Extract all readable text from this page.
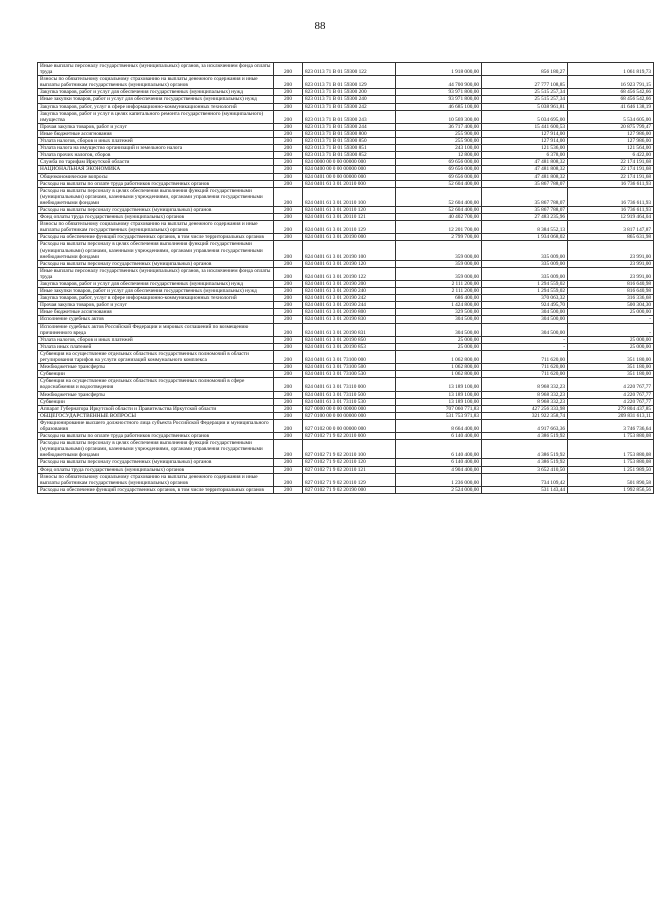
88
Иные выплаты персоналу государственных (муниципальных) органов, за исключением фонда оплаты труда	200	823 0113 71 В 01 59300 122	1 918 000,00	856 180,27	1 061 819,73
Взносы по обязательному социальному страхованию на выплаты денежного содержания и иные выплаты работникам государственных (муниципальных) органов	200	823 0113 71 В 01 59300 129	44 700 900,00	27 777 108,85	16 923 791,15
Закупка товаров, работ и услуг для обеспечения государственных (муниципальных) нужд	200	823 0113 71 В 01 59300 200	93 971 800,00	25 515 257,34	68 456 542,66
Иные закупки товаров, работ и услуг для обеспечения государственных (муниципальных) нужд	200	823 0113 71 В 01 59300 240	93 971 800,00	25 515 257,34	68 456 542,66
Закупка товаров, работ, услуг в сфере информационно-коммуникационных технологий	200	823 0113 71 В 01 59300 242	46 685 100,00	5 038 961,81	41 646 138,19
Закупка товаров, работ и услуг в целях капитального ремонта государственного (муниципального) имущества	200	823 0113 71 В 01 59300 243	10 569 300,00	5 034 695,00	5 534 605,00
Прочая закупка товаров, работ и услуг	200	823 0113 71 В 01 59300 244	36 717 400,00	15 441 600,53	20 875 799,47
Иные бюджетные ассигнования	200	823 0113 71 В 01 59300 800	255 900,00	127 914,00	127 986,00
Уплата налогов, сборов и иных платежей	200	823 0113 71 В 01 59300 850	255 900,00	127 914,00	127 986,00
Уплата налога на имущество организаций и земельного налога	200	823 0113 71 В 01 59300 851	243 100,00	121 536,00	121 564,00
Уплата прочих налогов, сборов	200	823 0113 71 В 01 59300 852	12 800,00	6 378,00	6 422,00
Служба по тарифам Иркутской области	200	824 0000 00 0 00 00000 000	69 656 000,00	47 481 808,32	22 174 191,68
НАЦИОНАЛЬНАЯ ЭКОНОМИКА	200	824 0400 00 0 00 00000 000	69 656 000,00	47 481 808,32	22 174 191,68
Общеэкономические вопросы	200	824 0401 00 0 00 00000 000	69 656 000,00	47 481 808,32	22 174 191,68
Расходы на выплаты по оплате труда работников государственных органов	200	824 0401 61 3 01 20110 000	52 604 400,00	35 867 788,07	16 736 611,93
Расходы на выплаты персоналу в целях обеспечения выполнения функций государственными (муниципальными) органами, казенными учреждениями, органами управления государственными внебюджетными фондами	200	824 0401 61 3 01 20110 100	52 604 400,00	35 867 788,07	16 736 611,93
Расходы на выплаты персоналу государственных (муниципальных) органов	200	824 0401 61 3 01 20110 120	52 604 400,00	35 867 788,07	16 736 611,93
Фонд оплаты труда государственных (муниципальных) органов	200	824 0401 61 3 01 20110 121	40 402 700,00	27 483 235,96	12 919 464,04
Взносы по обязательному социальному страхованию на выплаты денежного содержания и иные выплаты работникам государственных (муниципальных) органов	200	824 0401 61 3 01 20110 129	12 201 700,00	8 384 552,13	3 817 147,87
Расходы на обеспечение функций государственных органов, в том числе территориальных органов	200	824 0401 61 3 01 20190 000	2 799 700,00	1 934 068,02	865 631,98
Расходы на выплаты персоналу в целях обеспечения выполнения функций государственными (муниципальными) органами, казенными учреждениями, органами управления государственными внебюджетными фондами	200	824 0401 61 3 01 20190 100	359 000,00	335 009,00	23 991,00
Расходы на выплаты персоналу государственных (муниципальных) органов	200	824 0401 61 3 01 20190 120	359 000,00	335 009,00	23 991,00
Иные выплаты персоналу государственных (муниципальных) органов, за исключением фонда оплаты труда	200	824 0401 61 3 01 20190 122	359 000,00	335 009,00	23 991,00
Закупка товаров, работ и услуг для обеспечения государственных (муниципальных) нужд	200	824 0401 61 3 01 20190 200	2 111 200,00	1 294 559,02	816 640,98
Иные закупки товаров, работ и услуг для обеспечения государственных (муниципальных) нужд	200	824 0401 61 3 01 20190 240	2 111 200,00	1 294 559,02	816 640,98
Закупка товаров, работ, услуг в сфере информационно-коммуникационных технологий	200	824 0401 61 3 01 20190 242	686 400,00	370 063,32	316 336,68
Прочая закупка товаров, работ и услуг	200	824 0401 61 3 01 20190 244	1 424 800,00	924 495,70	500 304,30
Иные бюджетные ассигнования	200	824 0401 61 3 01 20190 800	329 500,00	304 500,00	25 000,00
Исполнение судебных актов	200	824 0401 61 3 01 20190 830	304 500,00	304 500,00	-
Исполнение судебных актов Российской Федерации и мировых соглашений по возмещению причиненного вреда	200	824 0401 61 3 01 20190 831	304 500,00	304 500,00	-
Уплата налогов, сборов и иных платежей	200	824 0401 61 3 01 20190 850	25 000,00	-	25 000,00
Уплата иных платежей	200	824 0401 61 3 01 20190 853	25 000,00	-	25 000,00
Субвенция на осуществление отдельных областных государственных полномочий в области регулирования тарифов на услуги организаций коммунального комплекса	200	824 0401 61 3 01 73100 000	1 062 800,00	711 620,00	351 180,00
Межбюджетные трансферты	200	824 0401 61 3 01 73100 500	1 062 800,00	711 620,00	351 180,00
Субвенции	200	824 0401 61 3 01 73100 530	1 062 800,00	711 620,00	351 180,00
Субвенция на осуществление отдельных областных государственных полномочий в сфере водоснабжения и водоотведения	200	824 0401 61 3 01 73110 000	13 189 100,00	8 968 332,23	4 220 767,77
Межбюджетные трансферты	200	824 0401 61 3 01 73110 500	13 189 100,00	8 968 332,23	4 220 767,77
Субвенции	200	824 0401 61 3 01 73110 530	13 189 100,00	8 968 332,23	4 220 767,77
Аппарат Губернатора Иркутской области и Правительства Иркутской области	200	827 0000 00 0 00 00000 000	707 060 771,83	427 256 333,98	279 804 437,85
ОБЩЕГОСУДАРСТВЕННЫЕ ВОПРОСЫ	200	827 0100 00 0 00 00000 000	531 753 971,83	321 922 358,74	209 831 613,11
Функционирование высшего должностного лица субъекта Российской Федерации и муниципального образования	200	827 0102 00 0 00 00000 000	8 664 400,00	4 917 663,36	3 746 736,64
Расходы на выплаты по оплате труда работников государственных органов	200	827 0102 71 9 02 20110 000	6 140 400,00	4 386 519,92	1 753 880,08
Расходы на выплаты персоналу в целях обеспечения выполнения функций государственными (муниципальными) органами, казенными учреждениями, органами управления государственными внебюджетными фондами	200	827 0102 71 9 02 20110 100	6 140 400,00	4 386 519,92	1 753 880,08
Расходы на выплаты персоналу государственных (муниципальных) органов	200	827 0102 71 9 02 20110 120	6 140 400,00	4 386 519,92	1 753 880,08
Фонд оплаты труда государственных (муниципальных) органов	200	827 0102 71 9 02 20110 121	4 904 400,00	3 652 410,50	1 251 989,50
Взносы по обязательному социальному страхованию на выплаты денежного содержания и иные выплаты работникам государственных (муниципальных) органов	200	827 0102 71 9 02 20110 129	1 236 000,00	734 109,42	501 890,58
Расходы на обеспечение функций государственных органов, в том числе территориальных органов	200	827 0102 71 9 02 20190 000	2 524 000,00	531 143,44	1 992 856,56
